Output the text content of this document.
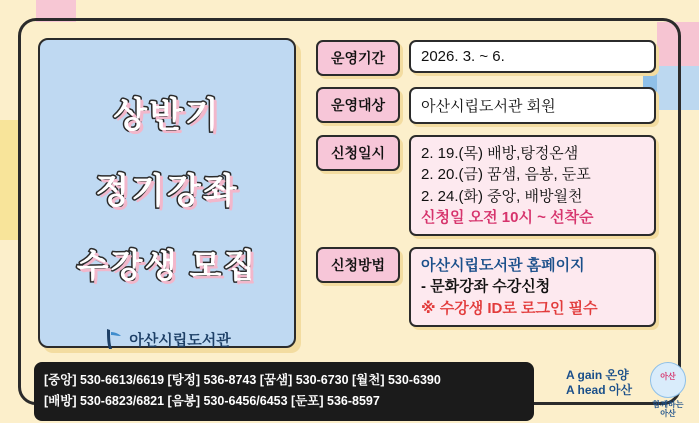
상반기
정기강좌
수강생 모집
아산시립도서관
운영기간	2026. 3. ~ 6.
운영대상	아산시립도서관 회원
신청일시	2. 19.(목) 배방,탕정온샘
2. 20.(금) 꿈샘, 음봉, 둔포
2. 24.(화) 중앙, 배방월천
신청일 오전 10시 ~ 선착순
신청방법	아산시립도서관 홈페이지
- 문화강좌 수강신청
※ 수강생 ID로 로그인 필수
[중앙] 530-6613/6619 [탕정] 536-8743 [꿈샘] 530-6730 [월천] 530-6390
[배방] 530-6823/6821 [음봉] 530-6456/6453 [둔포] 536-8597
A gain 온양
A head 아산
아산
함께하는 아산
